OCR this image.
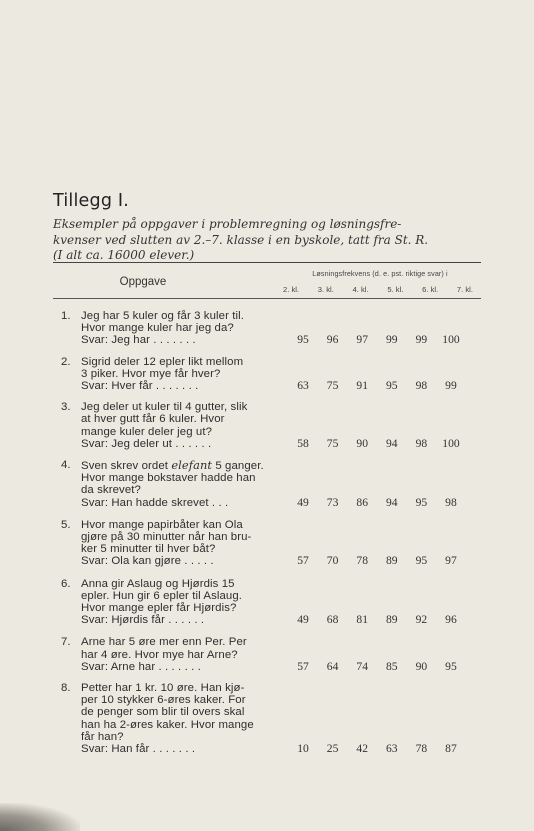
Tillegg I.
Eksempler på oppgaver i problemregning og løsningsfre-
kvenser ved slutten av 2.–7. klasse i en byskole, tatt fra St. R.
(I alt ca. 16000 elever.)
Oppgave
Løsningsfrekvens (d. e. pst. riktige svar) i
2. kl. 3. kl. 4. kl. 5. kl. 6. kl. 7. kl.
1. Jeg har 5 kuler og får 3 kuler til.
Hvor mange kuler har jeg da?
Svar: Jeg har . . . . . . .	95	96	97	99	99	100
2. Sigrid deler 12 epler likt mellom
3 piker. Hvor mye får hver?
Svar: Hver får . . . . . . .	63	75	91	95	98	99
3. Jeg deler ut kuler til 4 gutter, slik
at hver gutt får 6 kuler. Hvor
mange kuler deler jeg ut?
Svar: Jeg deler ut . . . . . .	58	75	90	94	98	100
4. Sven skrev ordet elefant 5 ganger.
Hvor mange bokstaver hadde han
da skrevet?
Svar: Han hadde skrevet . . .	49	73	86	94	95	98
5. Hvor mange papirbåter kan Ola
gjøre på 30 minutter når han bru-
ker 5 minutter til hver båt?
Svar: Ola kan gjøre . . . . .	57	70	78	89	95	97
6. Anna gir Aslaug og Hjørdis 15
epler. Hun gir 6 epler til Aslaug.
Hvor mange epler får Hjørdis?
Svar: Hjørdis får . . . . . .	49	68	81	89	92	96
7. Arne har 5 øre mer enn Per. Per
har 4 øre. Hvor mye har Arne?
Svar: Arne har . . . . . . .	57	64	74	85	90	95
8. Petter har 1 kr. 10 øre. Han kjø-
per 10 stykker 6-øres kaker. For
de penger som blir til overs skal
han ha 2-øres kaker. Hvor mange
får han?
Svar: Han får . . . . . . .	10	25	42	63	78	87
